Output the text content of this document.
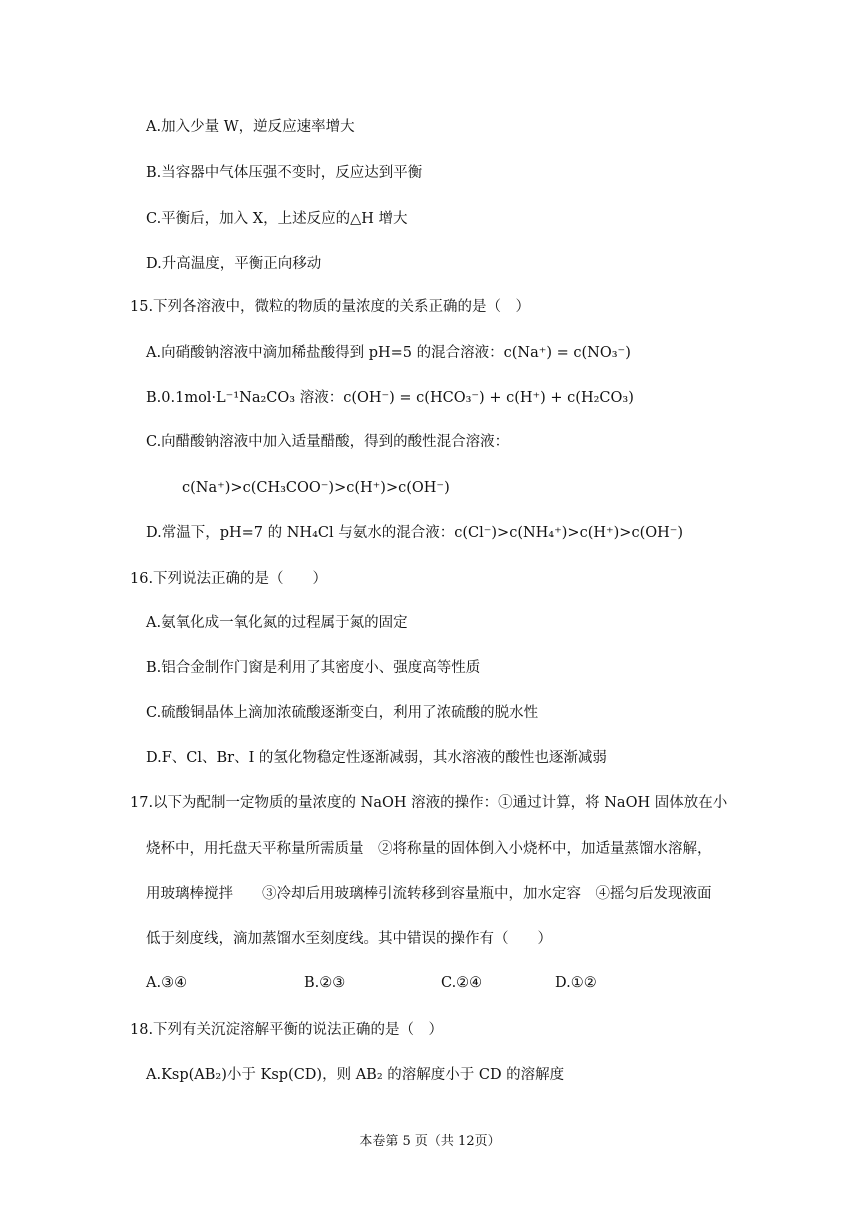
A.加入少量 W，逆反应速率增大
B.当容器中气体压强不变时，反应达到平衡
C.平衡后，加入 X，上述反应的△H 增大
D.升高温度，平衡正向移动
15.下列各溶液中，微粒的物质的量浓度的关系正确的是（　）
A.向硝酸钠溶液中滴加稀盐酸得到 pH=5 的混合溶液：c(Na⁺) = c(NO₃⁻)
B.0.1mol·L⁻¹Na₂CO₃ 溶液：c(OH⁻) = c(HCO₃⁻) + c(H⁺) + c(H₂CO₃)
C.向醋酸钠溶液中加入适量醋酸，得到的酸性混合溶液：
c(Na⁺)>c(CH₃COO⁻)>c(H⁺)>c(OH⁻)
D.常温下，pH=7 的 NH₄Cl 与氨水的混合液：c(Cl⁻)>c(NH₄⁺)>c(H⁺)>c(OH⁻)
16.下列说法正确的是（　　）
A.氨氧化成一氧化氮的过程属于氮的固定
B.铝合金制作门窗是利用了其密度小、强度高等性质
C.硫酸铜晶体上滴加浓硫酸逐渐变白，利用了浓硫酸的脱水性
D.F、Cl、Br、I 的氢化物稳定性逐渐减弱，其水溶液的酸性也逐渐减弱
17.以下为配制一定物质的量浓度的 NaOH 溶液的操作：①通过计算，将 NaOH 固体放在小
烧杯中，用托盘天平称量所需质量　②将称量的固体倒入小烧杯中，加适量蒸馏水溶解，
用玻璃棒搅拌　　③冷却后用玻璃棒引流转移到容量瓶中，加水定容　④摇匀后发现液面
低于刻度线，滴加蒸馏水至刻度线。其中错误的操作有（　　）
A.③④	B.②③	C.②④	D.①②
18.下列有关沉淀溶解平衡的说法正确的是（　）
A.Ksp(AB₂)小于 Ksp(CD)，则 AB₂ 的溶解度小于 CD 的溶解度
本卷第 5 页（共 12页）
